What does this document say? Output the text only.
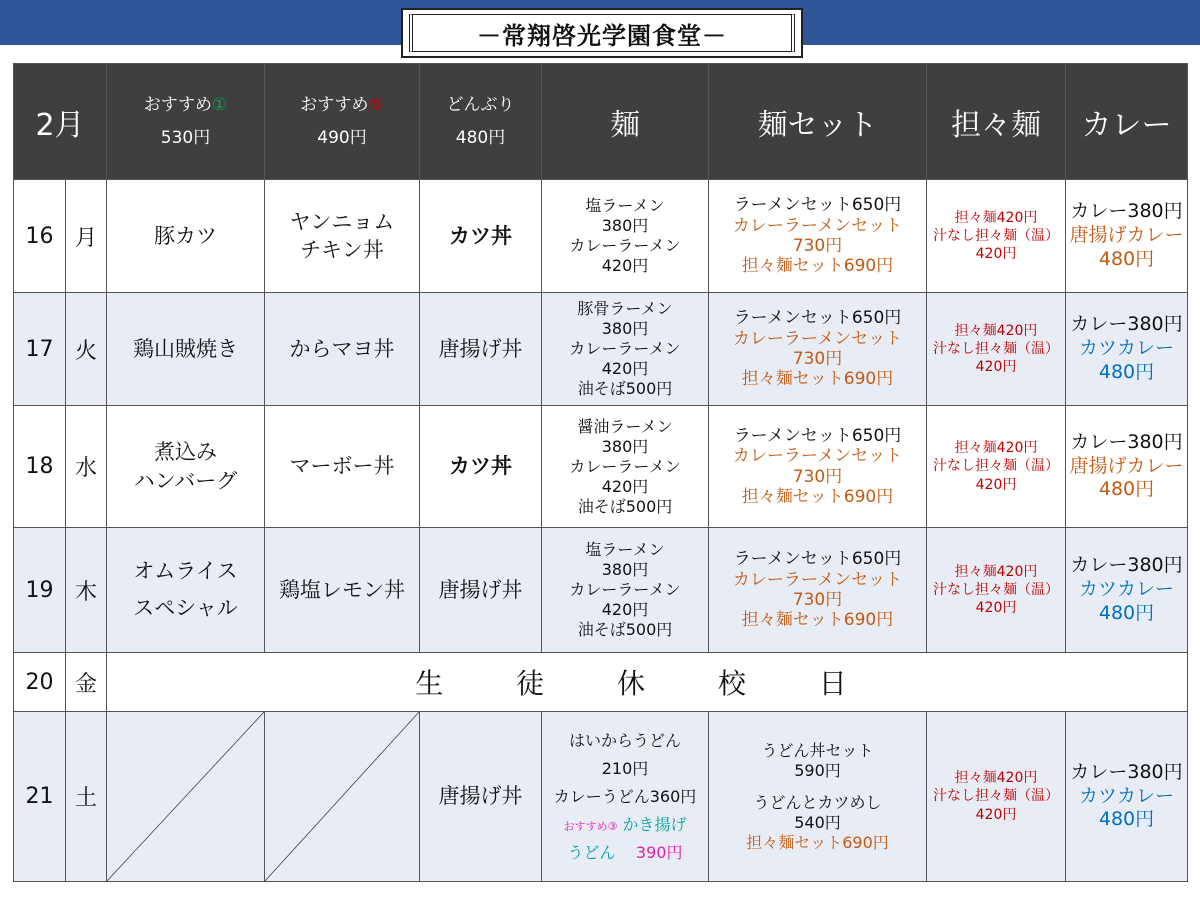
－常翔啓光学園食堂－
2月		おすすめ①
530円	おすすめ⑤
490円	どんぶり
480円	麺	麺セット	担々麺	カレー
16	月	豚カツ	ヤンニョム
チキン丼	カツ丼	塩ラーメン
380円
カレーラーメン
420円	ラーメンセット650円
カレーラーメンセット
730円
担々麺セット690円	担々麺420円
汁なし担々麺（温）
420円	カレー380円
唐揚げカレー
480円

17	火	鶏山賊焼き	からマヨ丼	唐揚げ丼	豚骨ラーメン
380円
カレーラーメン
420円
油そば500円	ラーメンセット650円
カレーラーメンセット
730円
担々麺セット690円	担々麺420円
汁なし担々麺（温）
420円	カレー380円
カツカレー
480円

18	水	煮込み
ハンバーグ	マーボー丼	カツ丼	醤油ラーメン
380円
カレーラーメン
420円
油そば500円	ラーメンセット650円
カレーラーメンセット
730円
担々麺セット690円	担々麺420円
汁なし担々麺（温）
420円	カレー380円
唐揚げカレー
480円

19	木	オムライス
スペシャル	鶏塩レモン丼	唐揚げ丼	塩ラーメン
380円
カレーラーメン
420円
油そば500円	ラーメンセット650円
カレーラーメンセット
730円
担々麺セット690円	担々麺420円
汁なし担々麺（温）
420円	カレー380円
カツカレー
480円

20	金	生 徒 休 校 日						
21	土			唐揚げ丼	はいからうどん
210円
カレーうどん360円
おすすめ③ かき揚げ
うどん 390円	うどん丼セット
590円
うどんとカツめし
540円
担々麺セット690円	担々麺420円
汁なし担々麺（温）
420円	カレー380円
カツカレー
480円
